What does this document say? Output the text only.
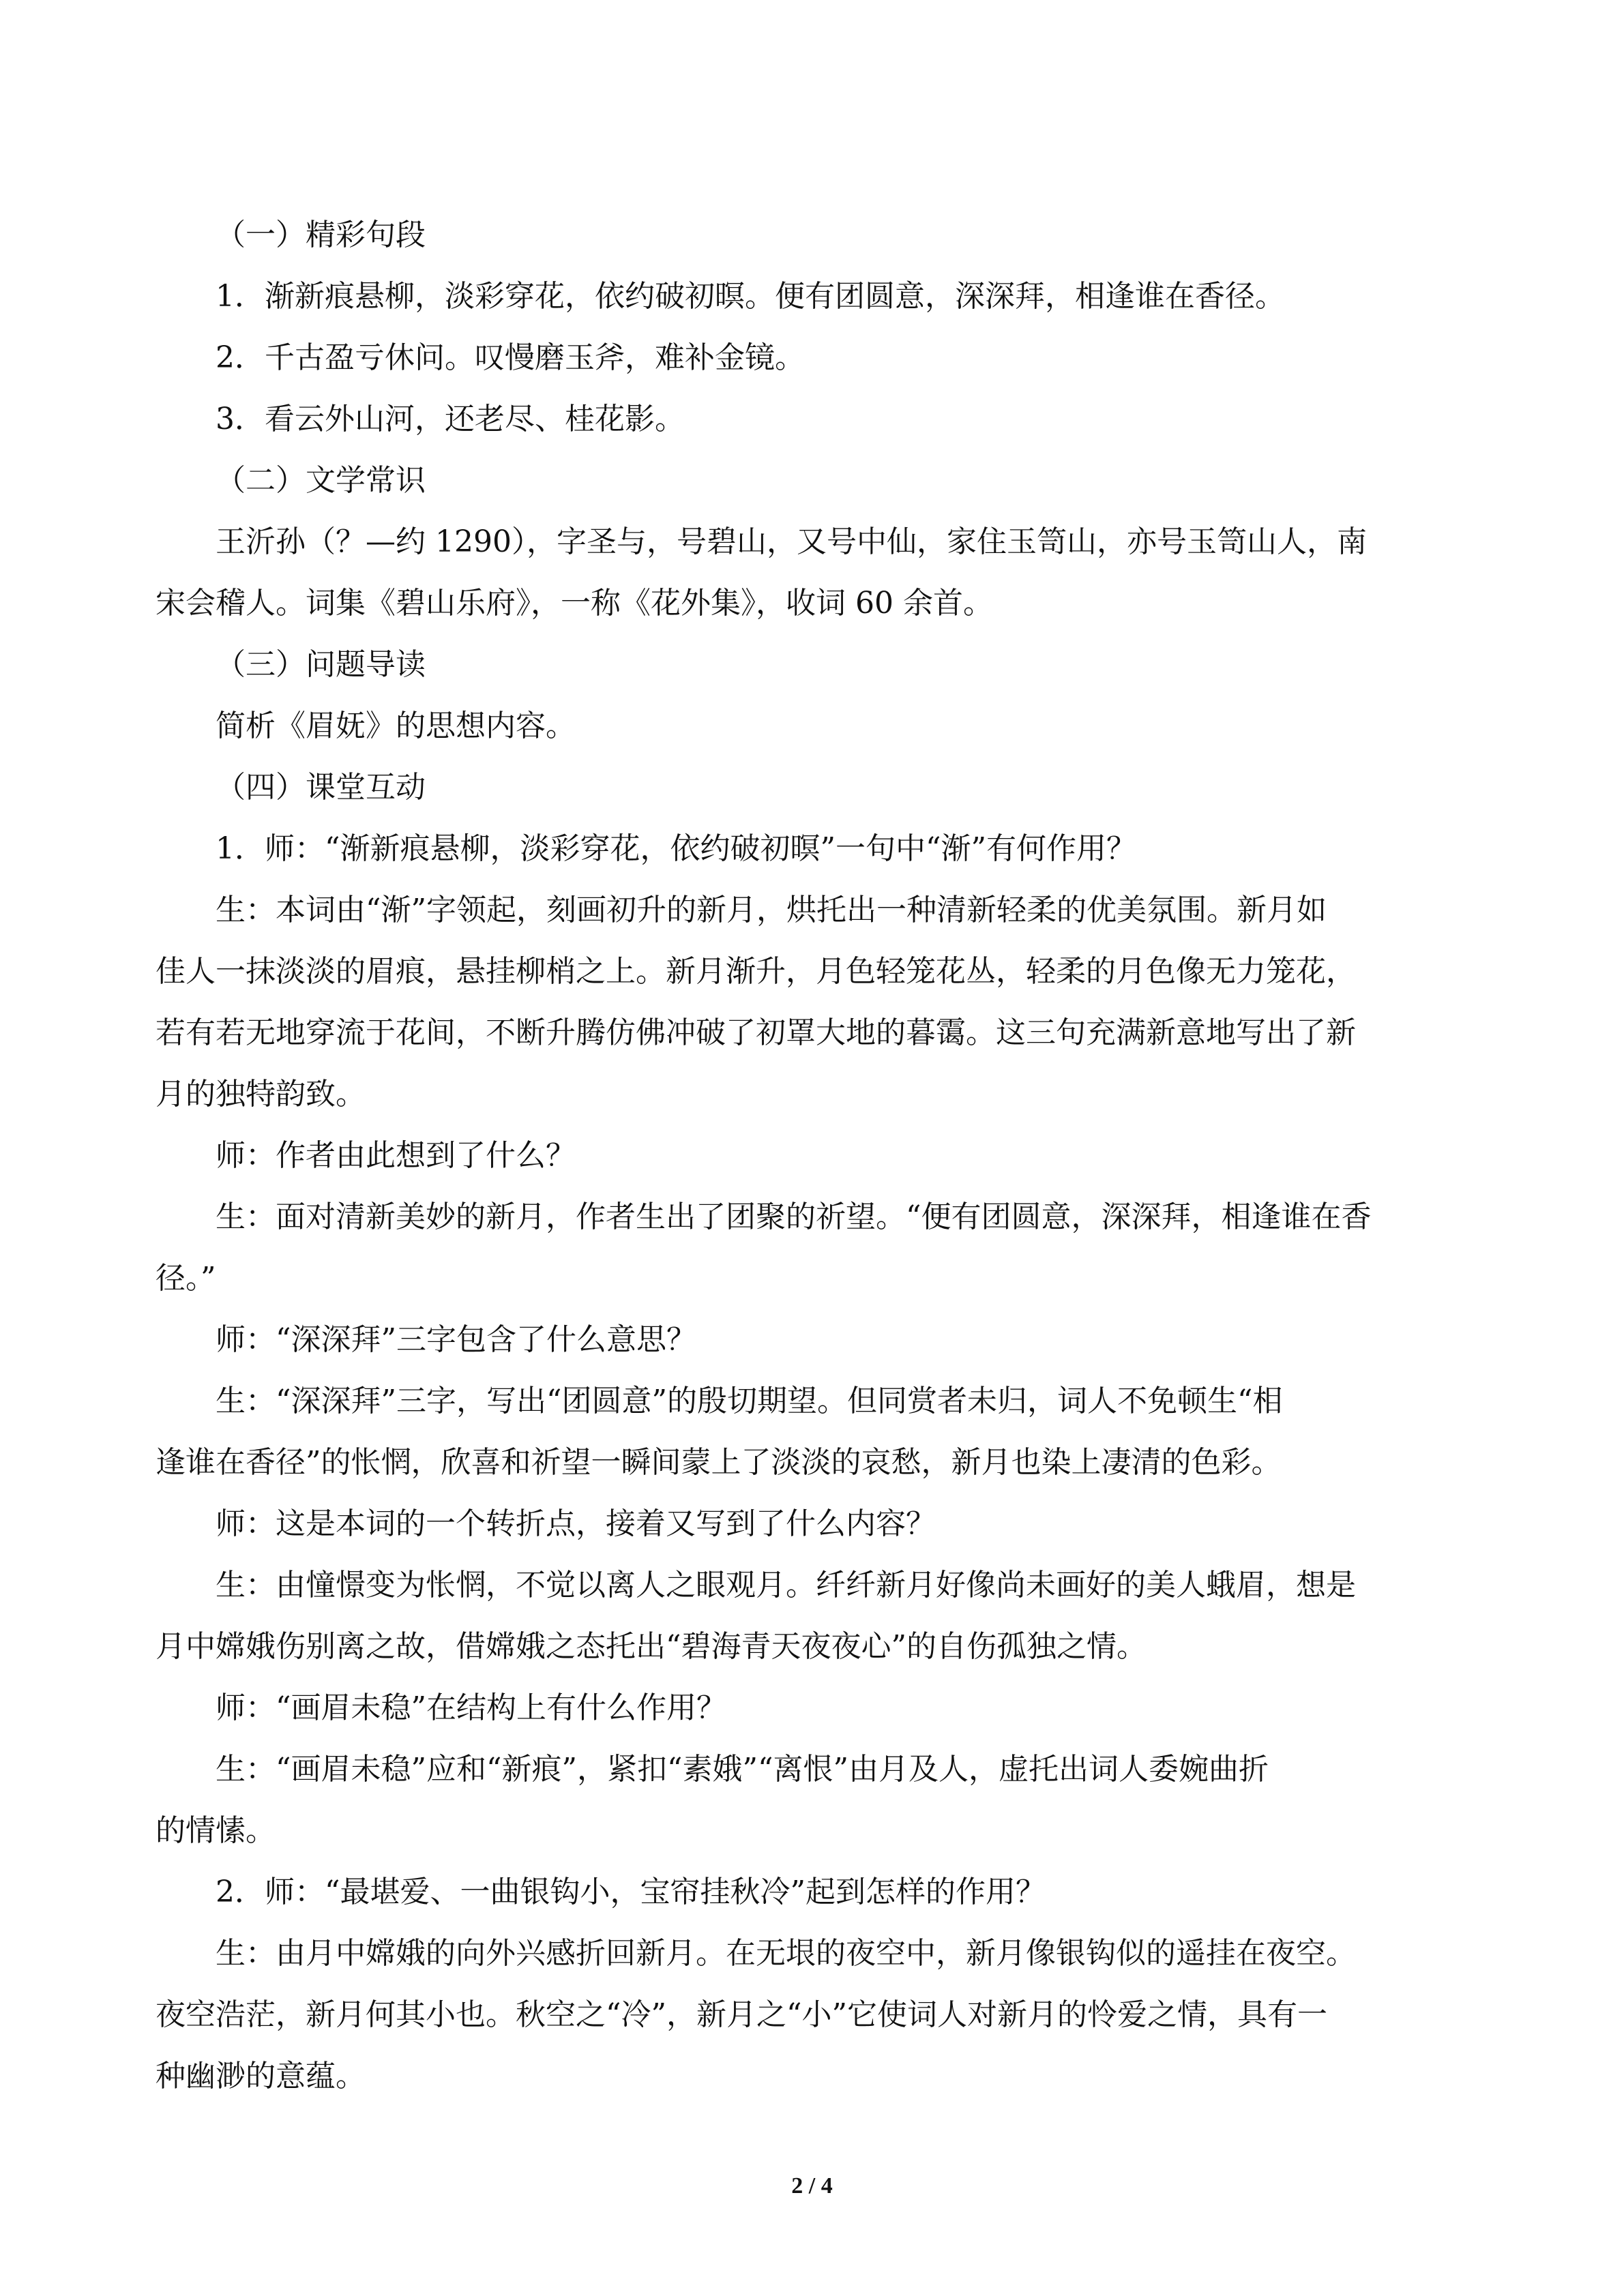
（一）精彩句段
1．渐新痕悬柳，淡彩穿花，依约破初暝。便有团圆意，深深拜，相逢谁在香径。
2．千古盈亏休问。叹慢磨玉斧，难补金镜。
3．看云外山河，还老尽、桂花影。
（二）文学常识
王沂孙（？—约 1290），字圣与，号碧山，又号中仙，家住玉笥山，亦号玉笥山人，南
宋会稽人。词集《碧山乐府》，一称《花外集》，收词 60 余首。
（三）问题导读
简析《眉妩》的思想内容。
（四）课堂互动
1．师：“渐新痕悬柳，淡彩穿花，依约破初暝”一句中“渐”有何作用？
生：本词由“渐”字领起，刻画初升的新月，烘托出一种清新轻柔的优美氛围。新月如
佳人一抹淡淡的眉痕，悬挂柳梢之上。新月渐升，月色轻笼花丛，轻柔的月色像无力笼花，
若有若无地穿流于花间，不断升腾仿佛冲破了初罩大地的暮霭。这三句充满新意地写出了新
月的独特韵致。
师：作者由此想到了什么？
生：面对清新美妙的新月，作者生出了团聚的祈望。“便有团圆意，深深拜，相逢谁在香
径。”
师：“深深拜”三字包含了什么意思？
生：“深深拜”三字，写出“团圆意”的殷切期望。但同赏者未归，词人不免顿生“相
逢谁在香径”的怅惘，欣喜和祈望一瞬间蒙上了淡淡的哀愁，新月也染上凄清的色彩。
师：这是本词的一个转折点，接着又写到了什么内容？
生：由憧憬变为怅惘，不觉以离人之眼观月。纤纤新月好像尚未画好的美人蛾眉，想是
月中嫦娥伤别离之故，借嫦娥之态托出“碧海青天夜夜心”的自伤孤独之情。
师：“画眉未稳”在结构上有什么作用？
生：“画眉未稳”应和“新痕”，紧扣“素娥”“离恨”由月及人，虚托出词人委婉曲折
的情愫。
2．师：“最堪爱、一曲银钩小，宝帘挂秋冷”起到怎样的作用？
生：由月中嫦娥的向外兴感折回新月。在无垠的夜空中，新月像银钩似的遥挂在夜空。
夜空浩茫，新月何其小也。秋空之“冷”，新月之“小”它使词人对新月的怜爱之情，具有一
种幽渺的意蕴。
2 / 4
